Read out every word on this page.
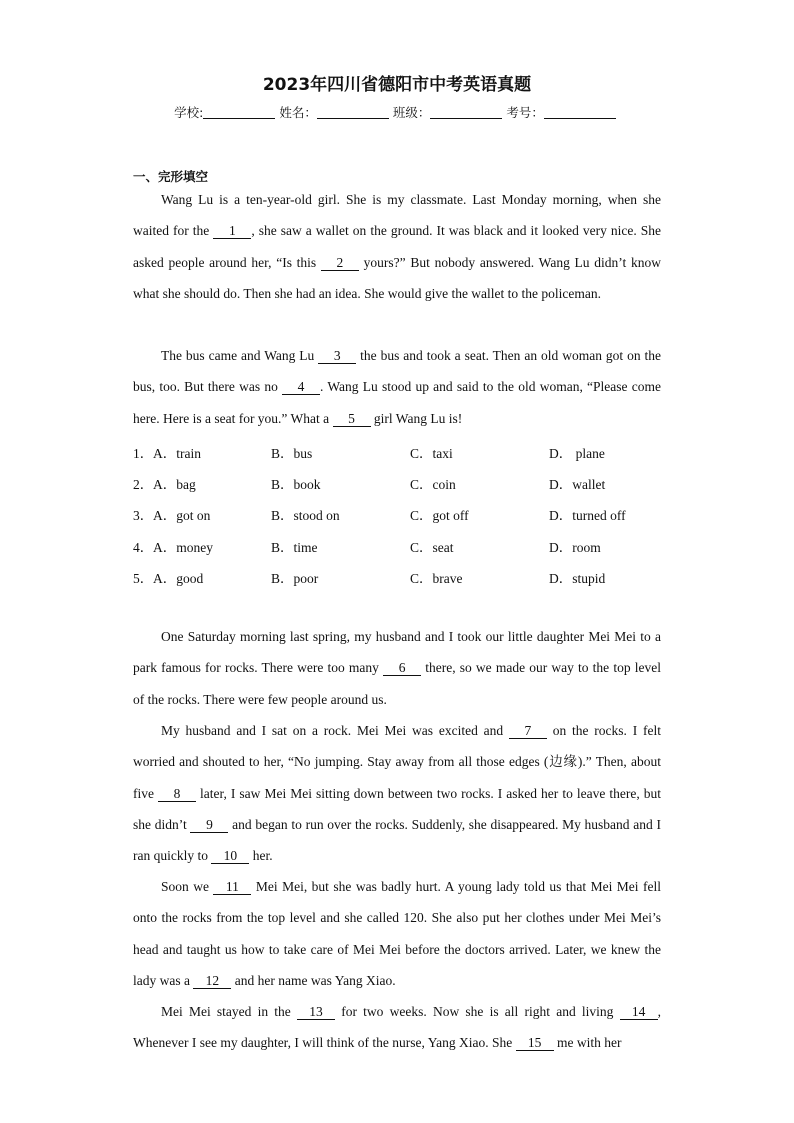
2023年四川省德阳市中考英语真题
学校:	姓名：	班级：	考号：
一、完形填空
Wang Lu is a ten-year-old girl. She is my classmate. Last Monday morning, when she waited for the 1 , she saw a wallet on the ground. It was black and it looked very nice. She asked people around her, “Is this 2 yours?” But nobody answered. Wang Lu didn’t know what she should do. Then she had an idea. She would give the wallet to the policeman.
The bus came and Wang Lu 3 the bus and took a seat. Then an old woman got on the bus, too. But there was no 4 . Wang Lu stood up and said to the old woman, “Please come here. Here is a seat for you.” What a 5 girl Wang Lu is!
1． A．train	B．bus	C．taxi	D． plane
2． A．bag	B．book	C．coin	D．wallet
3． A．got on	B．stood on	C．got off	D．turned off
4． A．money	B．time	C．seat	D．room
5． A．good	B．poor	C．brave	D．stupid
One Saturday morning last spring, my husband and I took our little daughter Mei Mei to a park famous for rocks. There were too many 6 there, so we made our way to the top level of the rocks. There were few people around us.
My husband and I sat on a rock. Mei Mei was excited and 7 on the rocks. I felt worried and shouted to her, “No jumping. Stay away from all those edges (边缘).” Then, about five 8 later, I saw Mei Mei sitting down between two rocks. I asked her to leave there, but she didn’t 9 and began to run over the rocks. Suddenly, she disappeared. My husband and I ran quickly to 10 her.
Soon we 11 Mei Mei, but she was badly hurt. A young lady told us that Mei Mei fell onto the rocks from the top level and she called 120. She also put her clothes under Mei Mei’s head and taught us how to take care of Mei Mei before the doctors arrived. Later, we knew the lady was a 12 and her name was Yang Xiao.
Mei Mei stayed in the 13 for two weeks. Now she is all right and living 14 , Whenever I see my daughter, I will think of the nurse, Yang Xiao. She 15 me with her
